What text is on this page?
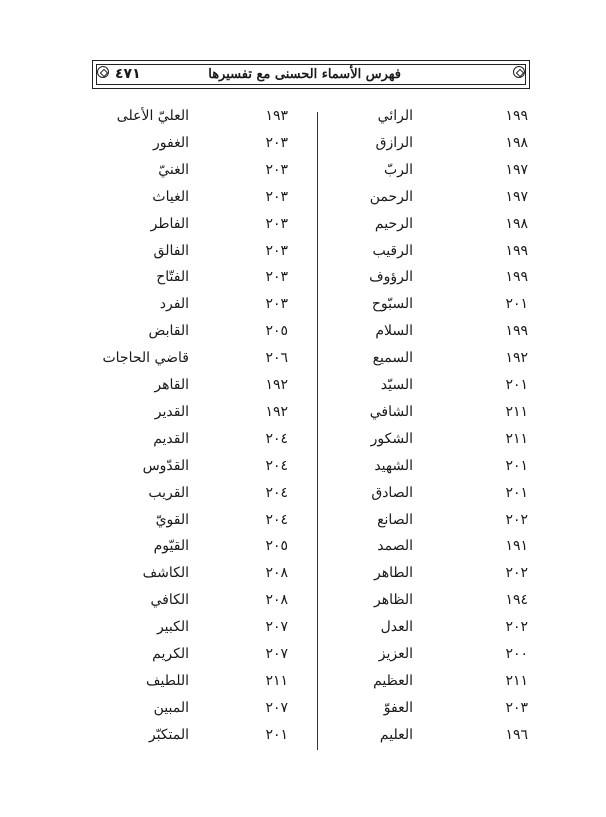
٤٧١	فهرس الأسماء الحسنى مع تفسيرها
الرائي	١٩٩
الرازق	١٩٨
الربّ	١٩٧
الرحمن	١٩٧
الرحيم	١٩٨
الرقيب	١٩٩
الرؤوف	١٩٩
السبّوح	٢٠١
السلام	١٩٩
السميع	١٩٢
السيّد	٢٠١
الشافي	٢١١
الشكور	٢١١
الشهيد	٢٠١
الصادق	٢٠١
الصانع	٢٠٢
الصمد	١٩١
الطاهر	٢٠٢
الظاهر	١٩٤
العدل	٢٠٢
العزيز	٢٠٠
العظيم	٢١١
العفوّ	٢٠٣
العليم	١٩٦
العليّ الأعلى	١٩٣
الغفور	٢٠٣
الغنيّ	٢٠٣
الغياث	٢٠٣
الفاطر	٢٠٣
الفالق	٢٠٣
الفتّاح	٢٠٣
الفرد	٢٠٣
القابض	٢٠٥
قاضي الحاجات	٢٠٦
القاهر	١٩٢
القدير	١٩٢
القديم	٢٠٤
القدّوس	٢٠٤
القريب	٢٠٤
القويّ	٢٠٤
القيّوم	٢٠٥
الكاشف	٢٠٨
الكافي	٢٠٨
الكبير	٢٠٧
الكريم	٢٠٧
اللطيف	٢١١
المبين	٢٠٧
المتكبّر	٢٠١
